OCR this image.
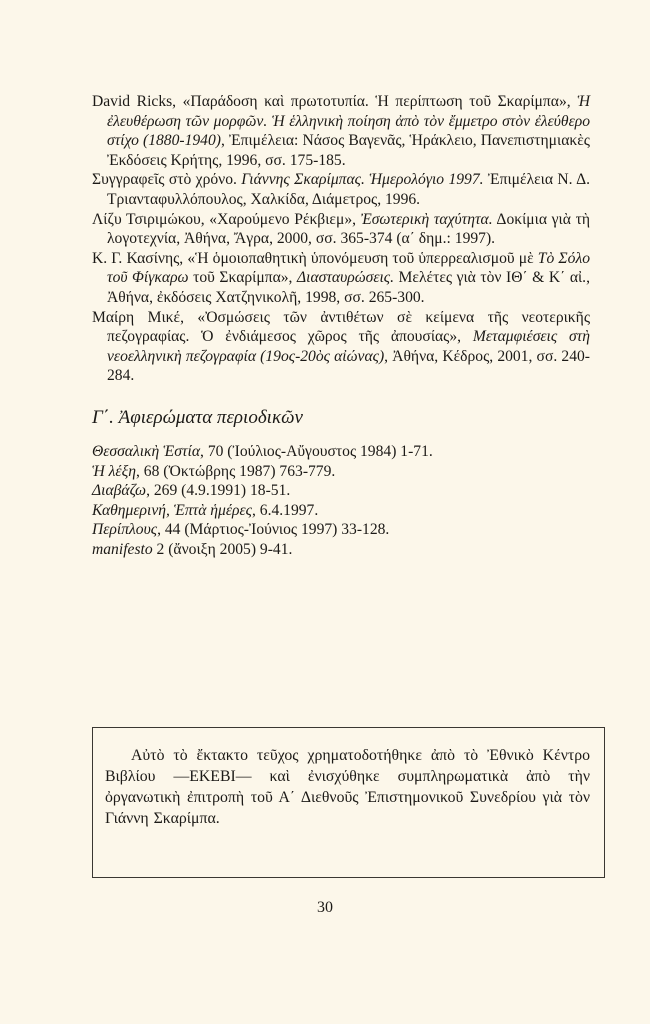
David Ricks, «Παράδοση καὶ πρωτοτυπία. Ἡ περίπτωση τοῦ Σκαρίμπα», Ἡ ἐλευθέρωση τῶν μορφῶν. Ἡ ἑλληνικὴ ποίηση ἀπὸ τὸν ἔμμετρο στὸν ἐλεύθερο στίχο (1880-1940), Ἐπιμέλεια: Νάσος Βαγενᾶς, Ἡράκλειο, Πανεπιστημιακὲς Ἐκδόσεις Κρήτης, 1996, σσ. 175-185.

Συγγραφεῖς στὸ χρόνο. Γιάννης Σκαρίμπας. Ἡμερολόγιο 1997. Ἐπιμέλεια Ν. Δ. Τριανταφυλλόπουλος, Χαλκίδα, Διάμετρος, 1996.

Λίζυ Τσιριμώκου, «Χαρούμενο Ρέκβιεμ», Ἐσωτερικὴ ταχύτητα. Δοκίμια γιὰ τὴ λογοτεχνία, Ἀθήνα, Ἄγρα, 2000, σσ. 365-374 (α΄ δημ.: 1997).

Κ. Γ. Κασίνης, «Ἡ ὁμοιοπαθητικὴ ὑπονόμευση τοῦ ὑπερρεαλισμοῦ μὲ Τὸ Σόλο τοῦ Φίγκαρω τοῦ Σκαρίμπα», Διασταυρώσεις. Μελέτες γιὰ τὸν ΙΘ΄ & Κ΄ αἰ., Ἀθήνα, ἐκδόσεις Χατζηνικολῆ, 1998, σσ. 265-300.

Μαίρη Μικέ, «Ὀσμώσεις τῶν ἀντιθέτων σὲ κείμενα τῆς νεοτερικῆς πεζογραφίας. Ὁ ἐνδιάμεσος χῶρος τῆς ἀπουσίας», Μεταμφιέσεις στὴ νεοελληνικὴ πεζογραφία (19ος-20ὸς αἰώνας), Ἀθήνα, Κέδρος, 2001, σσ. 240-284.

Γ΄. Ἀφιερώματα περιοδικῶν

Θεσσαλικὴ Ἑστία, 70 (Ἰούλιος-Αὔγουστος 1984) 1-71.

Ἡ λέξη, 68 (Ὀκτώβρης 1987) 763-779.

Διαβάζω, 269 (4.9.1991) 18-51.

Καθημερινή, Ἑπτὰ ἡμέρες, 6.4.1997.

Περίπλους, 44 (Μάρτιος-Ἰούνιος 1997) 33-128.

manifesto 2 (ἄνοιξη 2005) 9-41.

Αὐτὸ τὸ ἔκτακτο τεῦχος χρηματοδοτήθηκε ἀπὸ τὸ Ἐθνικὸ Κέντρο Βιβλίου —ΕΚΕΒΙ— καὶ ἐνισχύθηκε συμπληρωματικὰ ἀπὸ τὴν ὀργανωτικὴ ἐπιτροπὴ τοῦ Α΄ Διεθνοῦς Ἐπιστημονικοῦ Συνεδρίου γιὰ τὸν Γιάννη Σκαρίμπα.

30
